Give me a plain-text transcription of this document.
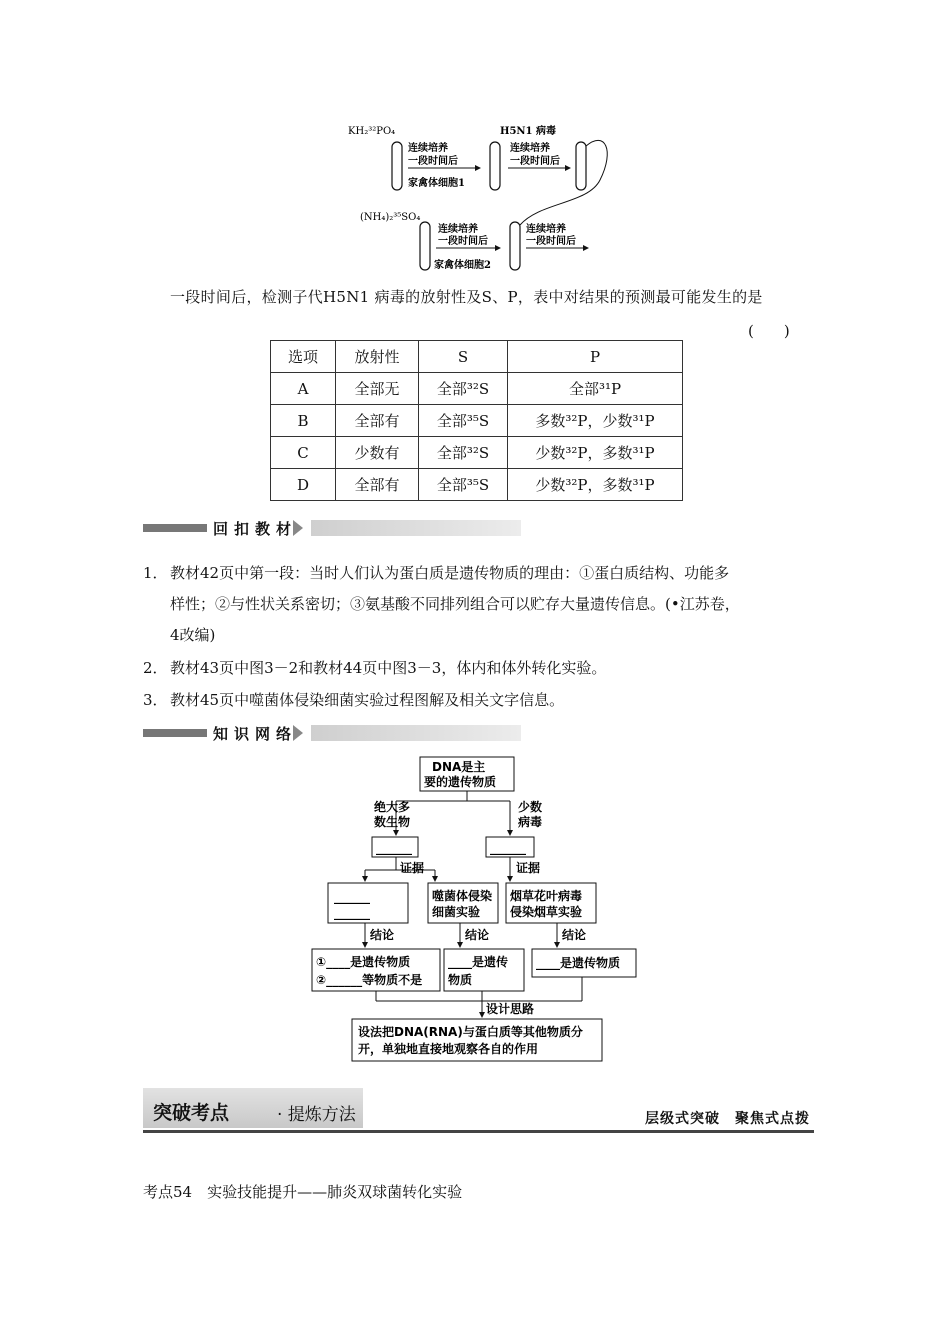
KH₂³²PO₄
连续培养
一段时间后
家禽体细胞1
H5N1 病毒
连续培养
一段时间后
(NH₄)₂³⁵SO₄
连续培养
一段时间后
家禽体细胞2
连续培养
一段时间后
一段时间后，检测子代H5N1 病毒的放射性及S、P，表中对结果的预测最可能发生的是
(　　)
选项	放射性	S	P
A	全部无	全部³²S	全部³¹P
B	全部有	全部³⁵S	多数³²P，少数³¹P
C	少数有	全部³²S	少数³²P，多数³¹P
D	全部有	全部³⁵S	少数³²P，多数³¹P
回扣教材
1． 教材42页中第一段：当时人们认为蛋白质是遗传物质的理由：①蛋白质结构、功能多
样性；②与性状关系密切；③氨基酸不同排列组合可以贮存大量遗传信息。(•江苏卷，
4改编)
2． 教材43页中图3－2和教材44页中图3－3，体内和体外转化实验。
3． 教材45页中噬菌体侵染细菌实验过程图解及相关文字信息。
知识网络
DNA是主
要的遗传物质
绝大多
数生物
少数
病毒
______	______
证据	证据
______
______
噬菌体侵染
细菌实验
烟草花叶病毒
侵染烟草实验
结论	结论	结论
①____是遗传物质
②______等物质不是
____是遗传
物质
____是遗传物质
设计思路
设法把DNA(RNA)与蛋白质等其他物质分
开，单独地直接地观察各自的作用
突破考点	· 提炼方法	层级式突破　聚焦式点拨
考点54　实验技能提升——肺炎双球菌转化实验
